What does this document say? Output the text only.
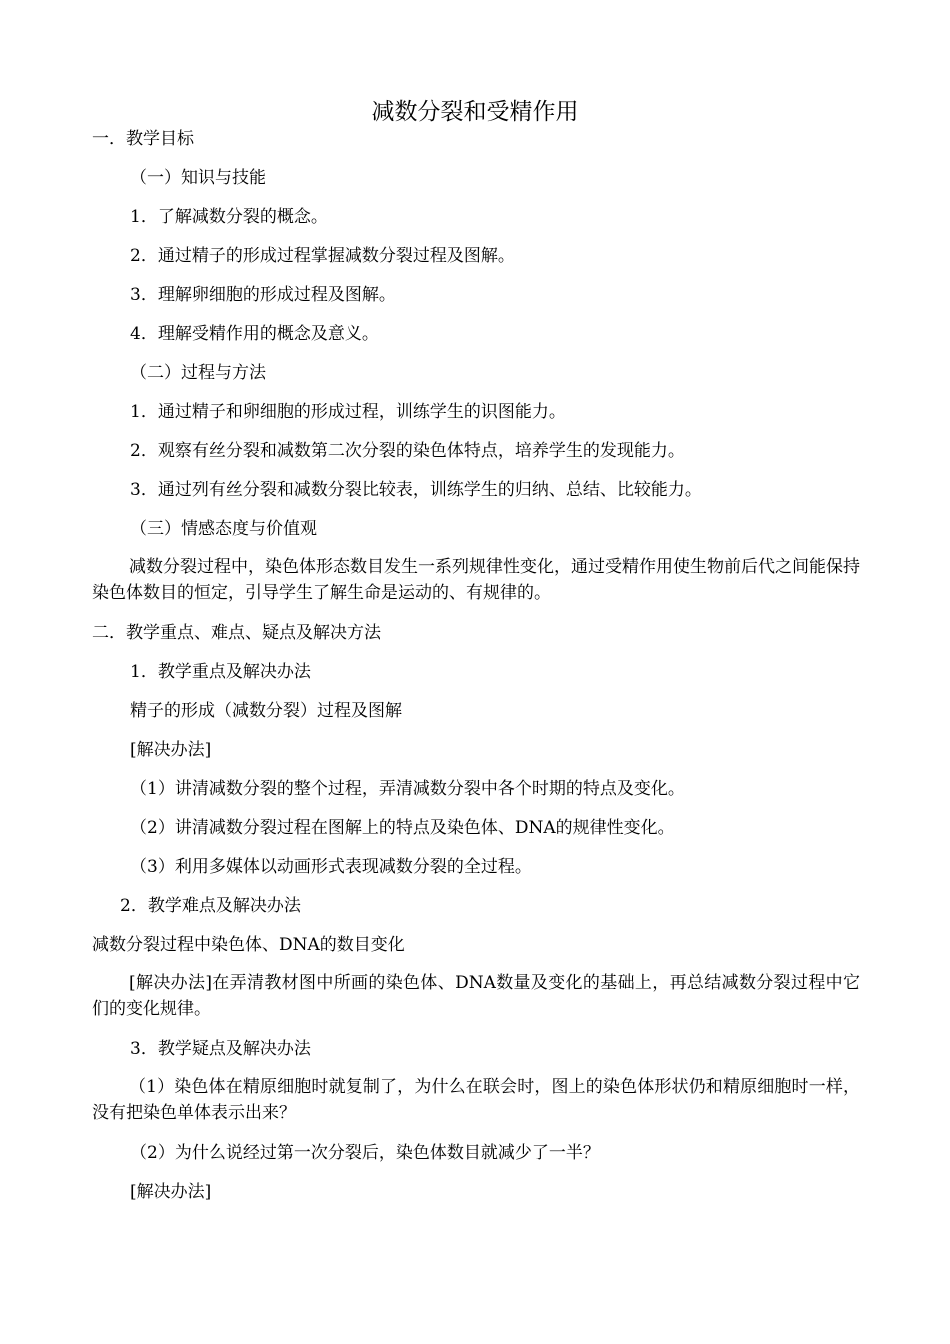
减数分裂和受精作用
一．教学目标
（一）知识与技能
1．了解减数分裂的概念。
2．通过精子的形成过程掌握减数分裂过程及图解。
3．理解卵细胞的形成过程及图解。
4．理解受精作用的概念及意义。
（二）过程与方法
1．通过精子和卵细胞的形成过程，训练学生的识图能力。
2．观察有丝分裂和减数第二次分裂的染色体特点，培养学生的发现能力。
3．通过列有丝分裂和减数分裂比较表，训练学生的归纳、总结、比较能力。
（三）情感态度与价值观
减数分裂过程中，染色体形态数目发生一系列规律性变化，通过受精作用使生物前后代之间能保持染色体数目的恒定，引导学生了解生命是运动的、有规律的。
二．教学重点、难点、疑点及解决方法
1．教学重点及解决办法
精子的形成（减数分裂）过程及图解
[解决办法]
（1）讲清减数分裂的整个过程，弄清减数分裂中各个时期的特点及变化。
（2）讲清减数分裂过程在图解上的特点及染色体、DNA的规律性变化。
（3）利用多媒体以动画形式表现减数分裂的全过程。
2．教学难点及解决办法
减数分裂过程中染色体、DNA的数目变化
[解决办法]在弄清教材图中所画的染色体、DNA数量及变化的基础上，再总结减数分裂过程中它们的变化规律。
3．教学疑点及解决办法
（1）染色体在精原细胞时就复制了，为什么在联会时，图上的染色体形状仍和精原细胞时一样，没有把染色单体表示出来？
（2）为什么说经过第一次分裂后，染色体数目就减少了一半？
[解决办法]
